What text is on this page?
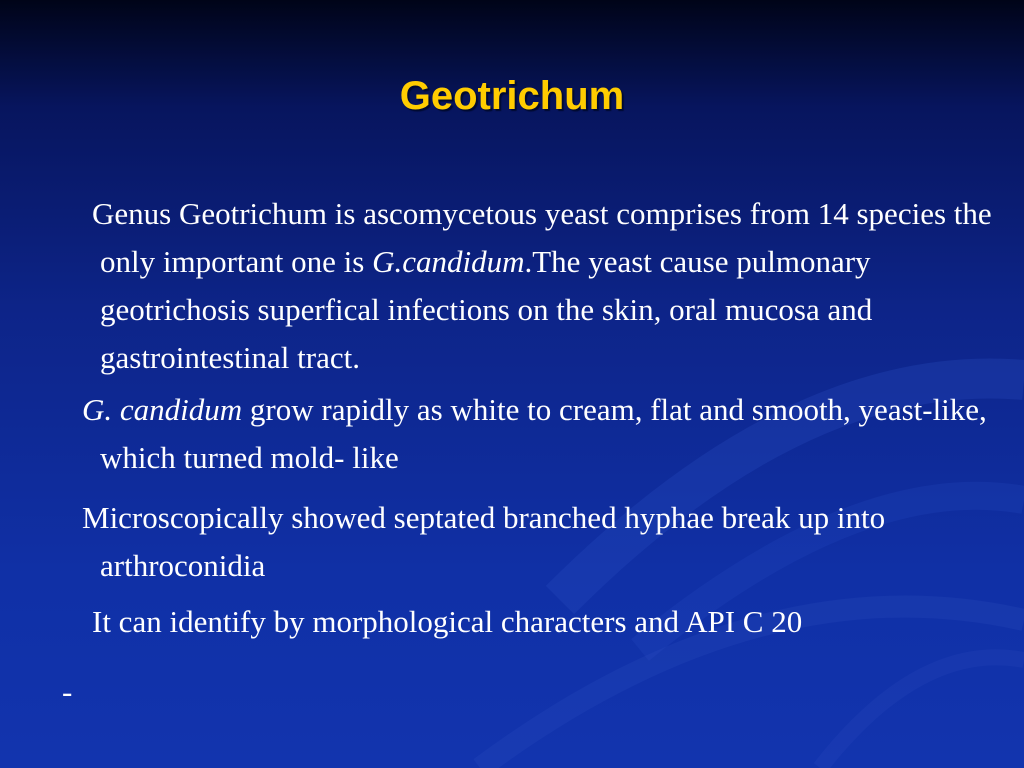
Geotrichum
Genus Geotrichum is ascomycetous yeast comprises from 14 species the only important one is G.candidum.The yeast cause pulmonary geotrichosis superfical infections on the skin, oral mucosa and gastrointestinal tract.
G. candidum grow rapidly as white to cream, flat and smooth, yeast-like, which turned mold- like
Microscopically showed septated branched hyphae break up into arthroconidia
It can identify by morphological characters and API C 20
-
